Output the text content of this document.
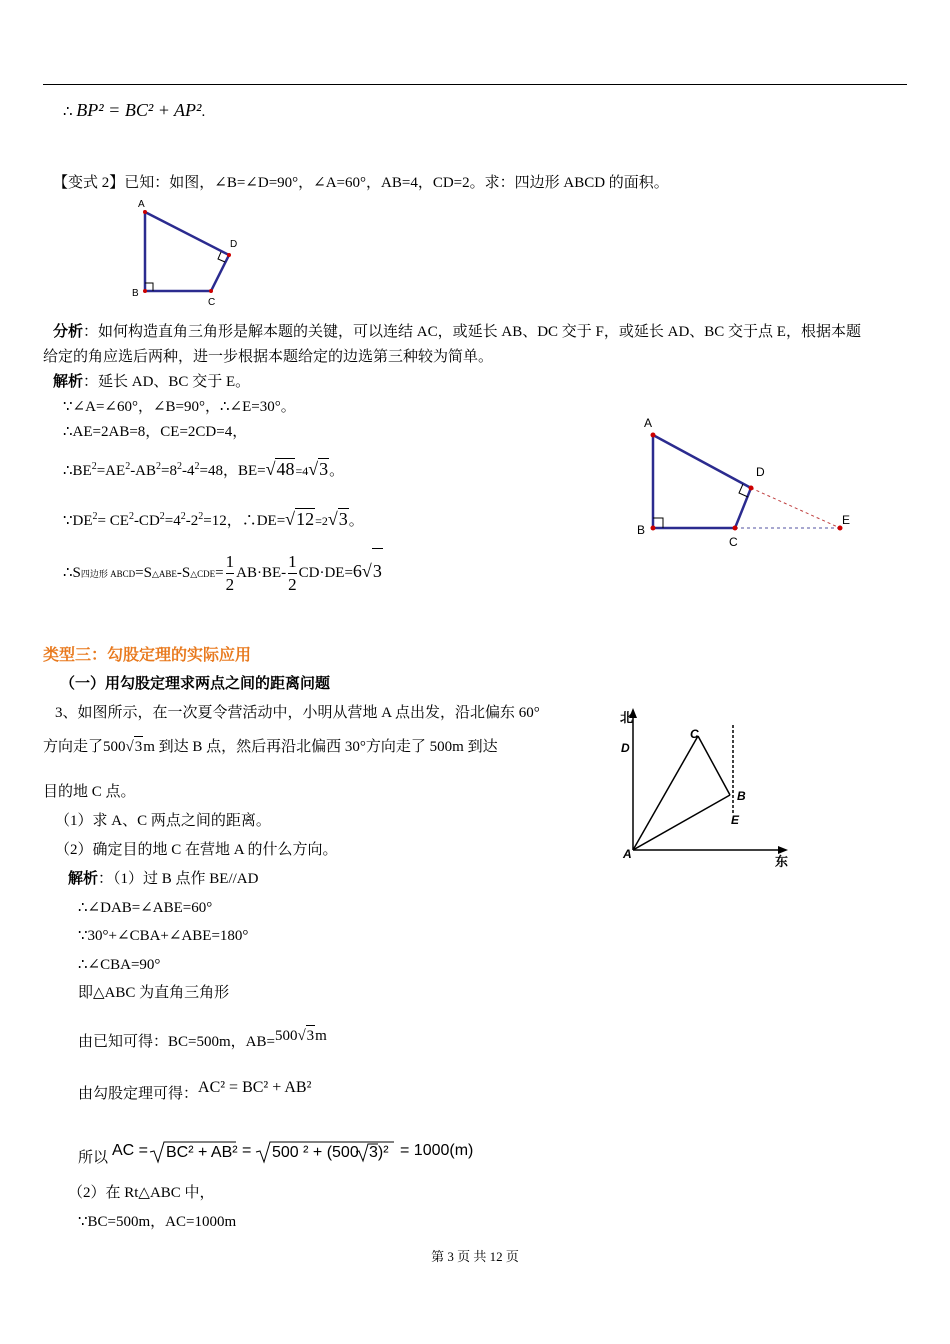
∴ BP² = BC² + AP².
【变式 2】已知：如图，∠B=∠D=90°，∠A=60°，AB=4，CD=2。求：四边形 ABCD 的面积。
A
D
B
C
分析：如何构造直角三角形是解本题的关键，可以连结 AC，或延长 AB、DC 交于 F，或延长 AD、BC 交于点 E，根据本题
给定的角应选后两种，进一步根据本题给定的边选第三种较为简单。
解析：延长 AD、BC 交于 E。
∵∠A=∠60°，∠B=90°，∴∠E=30°。
∴AE=2AB=8，CE=2CD=4，
$\therefore BE^2=AE^2-AB^2=8^2-4^2=48$，BE=√48=4√3。
$\because DE^2= CE^2-CD^2=4^2-2^2=12$，∴DE=√12=2√3。
∴S四边形 ABCD=S△ABE-S△CDE= $\frac{1}{2} AB\cdot BE- \frac{1}{2} CD\cdot DE=6√3$
A
D
B
C
E
类型三：勾股定理的实际应用
（一）用勾股定理求两点之间的距离问题
3、如图所示，在一次夏令营活动中，小明从营地 A 点出发，沿北偏东 60°
方向走了500√3m 到达 B 点，然后再沿北偏西 30°方向走了 500m 到达
目的地 C 点。
（1）求 A、C 两点之间的距离。
（2）确定目的地 C 在营地 A 的什么方向。
北
D
C
B
E
A	东
解析：（1）过 B 点作 BE//AD
∴∠DAB=∠ABE=60°
∵30°+∠CBA+∠ABE=180°
∴∠CBA=90°
即△ABC 为直角三角形
由已知可得：BC=500m，AB=500√3m
由勾股定理可得：AC² = BC² + AB²
所以 AC = BC² + AB² = 500 ² + (500 3)² = 1000(m)
（2）在 Rt△ABC 中，
∵BC=500m，AC=1000m
第 3 页 共 12 页
